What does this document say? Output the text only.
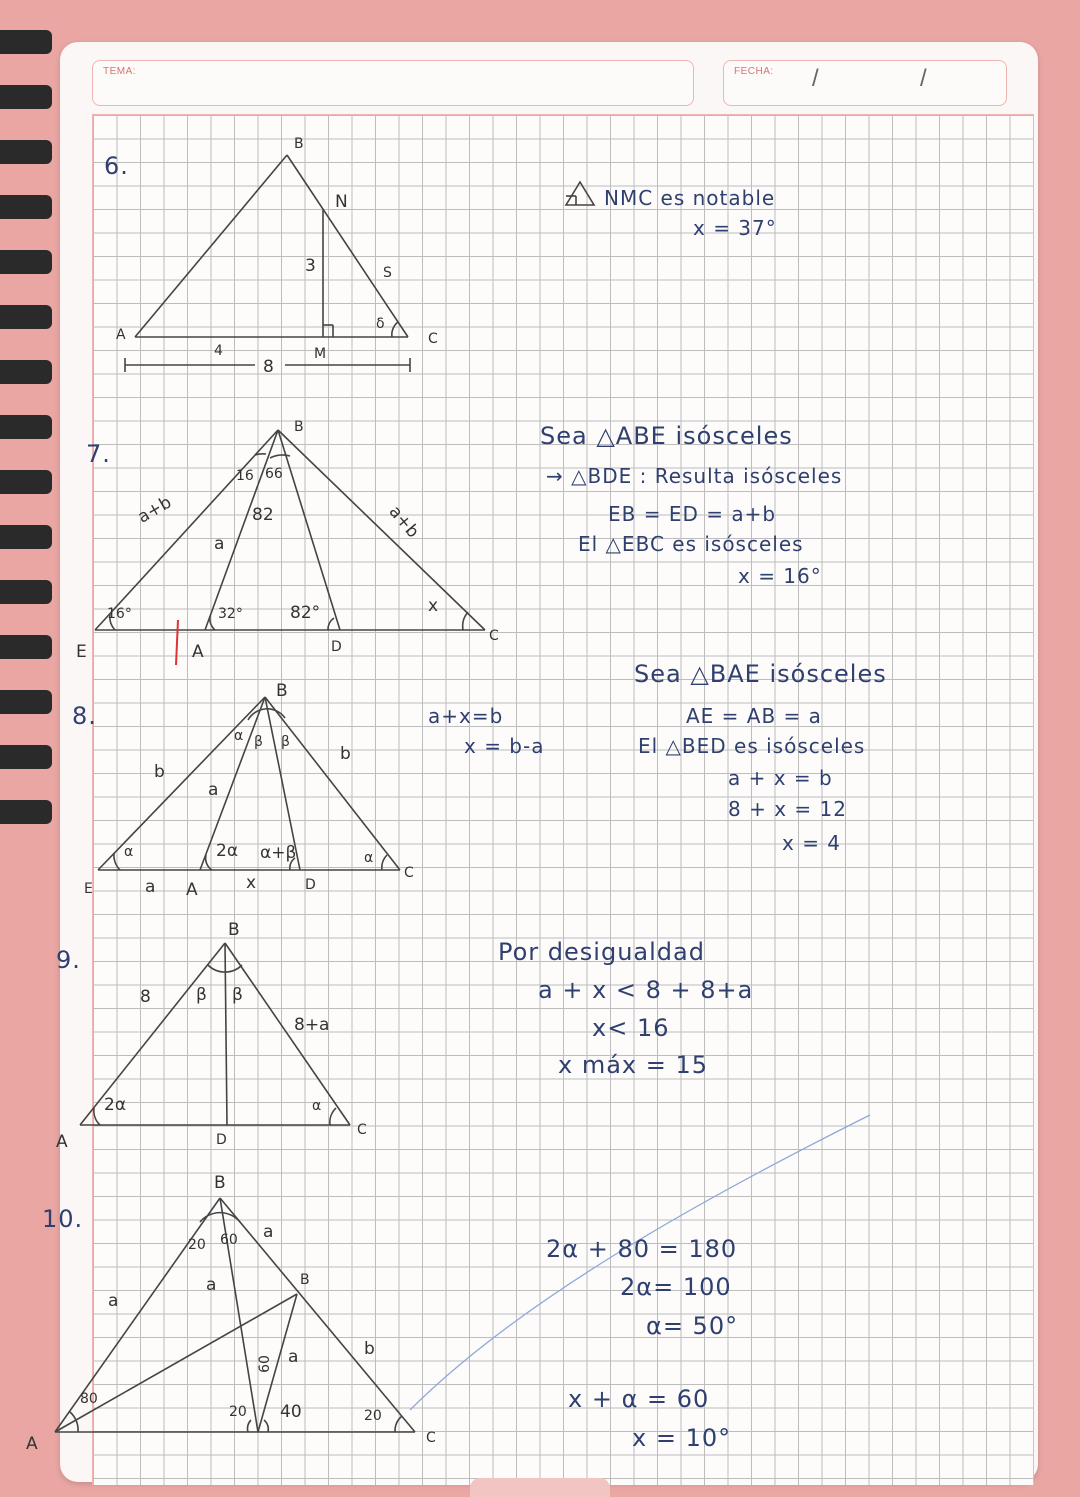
TEMA:	FECHA: /	/
6.
B
N
A	C
M
S
3
4
8
δ
NMC es notable
x = 37°
7.
B
E	A	D
C
a+b	a+b
a
16°
16 66
82
32°	82°	x
Sea △ABE isósceles
→ △BDE : Resulta isósceles
EB = ED = a+b
El △EBC es isósceles
x = 16°
8.
B
E	A	D
C
b
b
a
a	x
α
α β β
2α α+β	α
a+x=b
x = b-a
Sea △BAE isósceles
AE = AB = a
El △BED es isósceles
a + x = b
8 + x = 12
x = 4
9.
B
A	D
C
8
8+a
β β
2α	α
Por desigualdad
a + x < 8 + 8+a
x< 16
x máx = 15
10.
B
A	C
B
a
a
a
a	b
20 60
80
60
20 40	20
2α + 80 = 180
2α= 100
α= 50°
x + α = 60
x = 10°
